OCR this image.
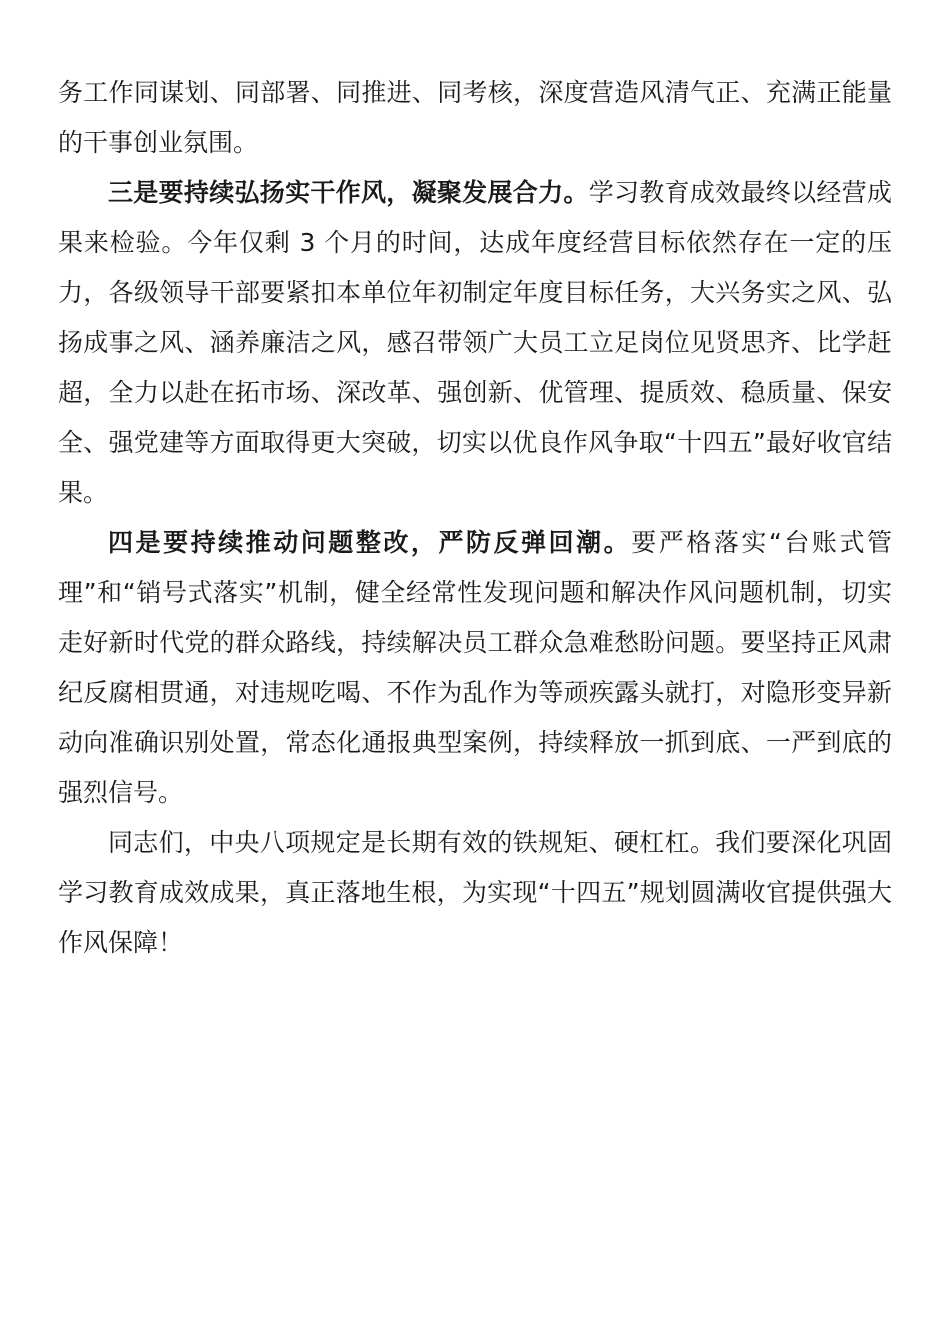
务工作同谋划、同部署、同推进、同考核，深度营造风清气正、充满正能量的干事创业氛围。

三是要持续弘扬实干作风，凝聚发展合力。学习教育成效最终以经营成果来检验。今年仅剩 3 个月的时间，达成年度经营目标依然存在一定的压力，各级领导干部要紧扣本单位年初制定年度目标任务，大兴务实之风、弘扬成事之风、涵养廉洁之风，感召带领广大员工立足岗位见贤思齐、比学赶超，全力以赴在拓市场、深改革、强创新、优管理、提质效、稳质量、保安全、强党建等方面取得更大突破，切实以优良作风争取“十四五”最好收官结果。

四是要持续推动问题整改，严防反弹回潮。要严格落实“台账式管理”和“销号式落实”机制，健全经常性发现问题和解决作风问题机制，切实走好新时代党的群众路线，持续解决员工群众急难愁盼问题。要坚持正风肃纪反腐相贯通，对违规吃喝、不作为乱作为等顽疾露头就打，对隐形变异新动向准确识别处置，常态化通报典型案例，持续释放一抓到底、一严到底的强烈信号。

同志们，中央八项规定是长期有效的铁规矩、硬杠杠。我们要深化巩固学习教育成效成果，真正落地生根，为实现“十四五”规划圆满收官提供强大作风保障！
